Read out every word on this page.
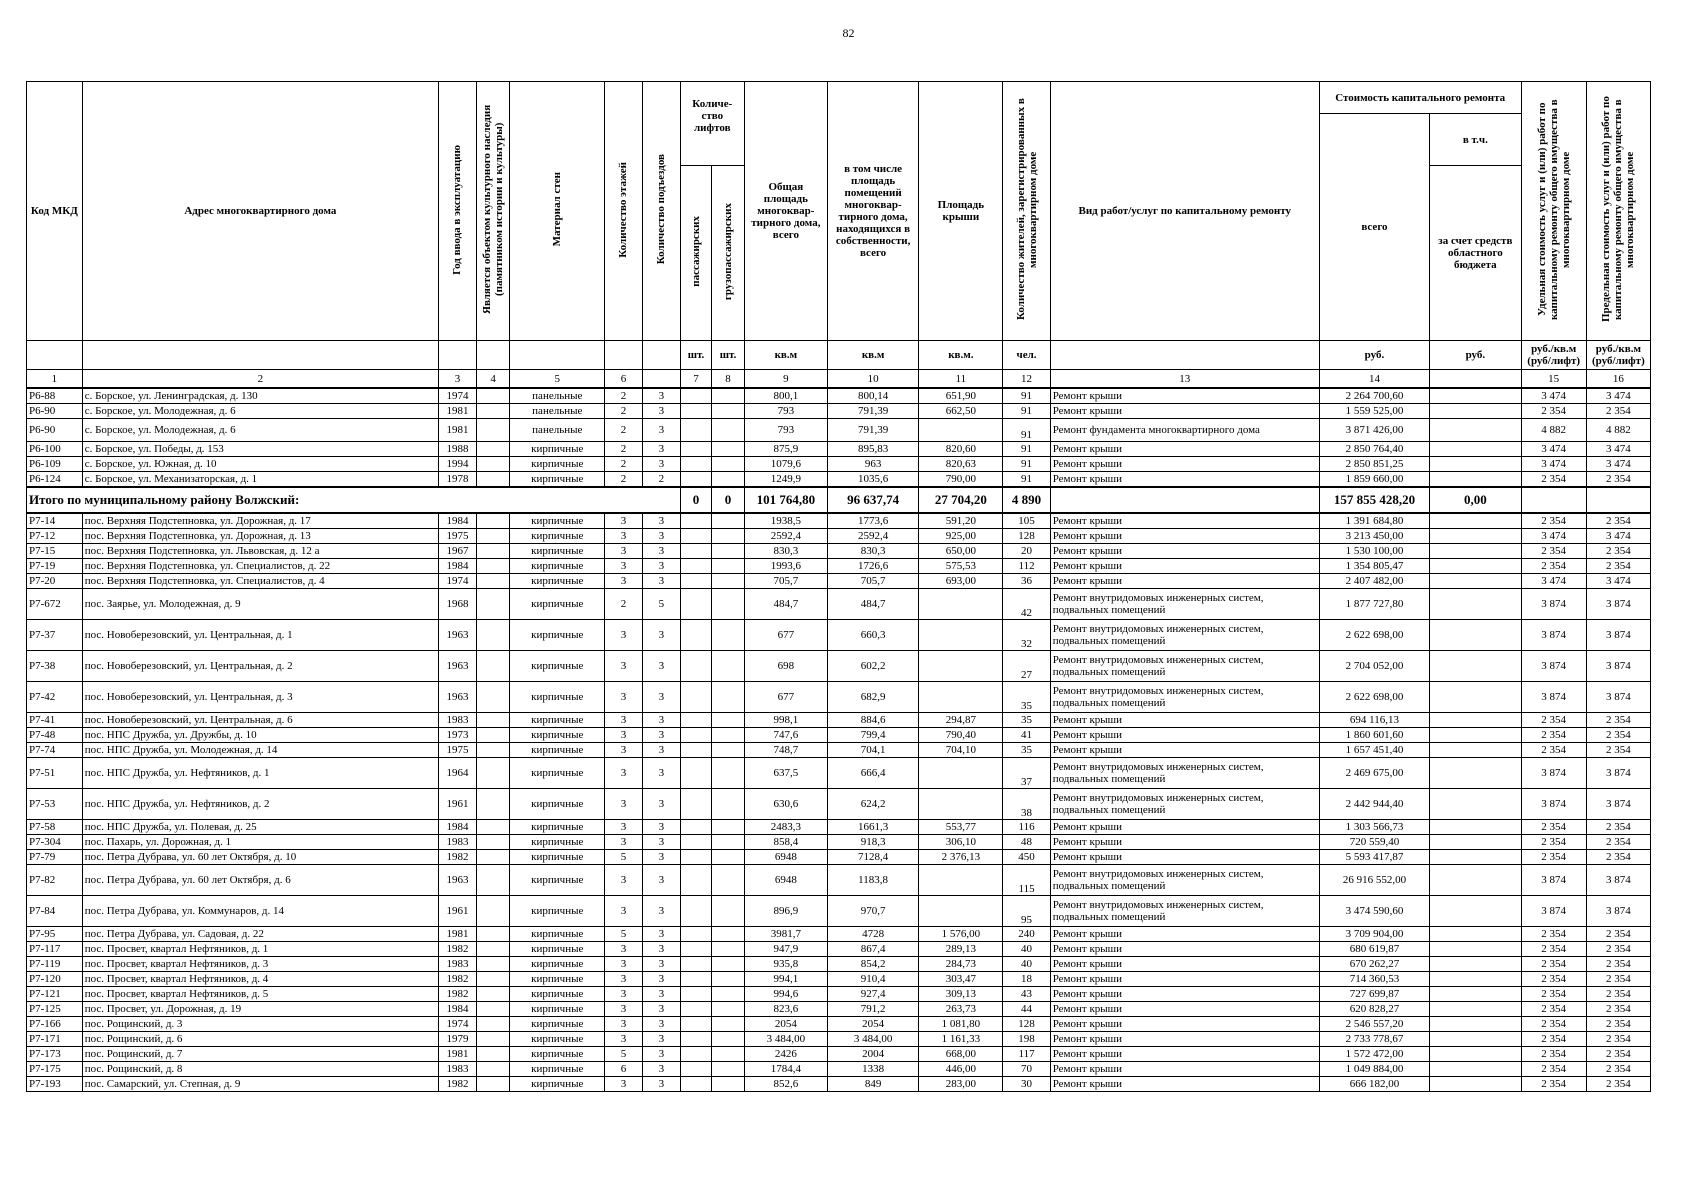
82
Код МКД	Адрес многоквартирного дома	Год ввода в эксплуатацию	Является объектом культурного наследия (памятником истории и культуры)	Материал стен	Количество этажей	Количество подъездов	Количе-ство лифтов		Общая площадь многоквар-тирного дома, всего	в том числе площадь помещений многоквар-тирного дома, находящихся в собственности, всего	Площадь крыши	Количество жителей, зарегистрированных в многоквартирном доме	Вид работ/услуг по капитальному ремонту	Стоимость капитального ремонта		Удельная стоимость услуг и (или) работ по капитальному ремонту общего имущества в многоквартирном доме	Предельная стоимость услуг и (или) работ по капитальному ремонту общего имущества в многоквартирном доме
														всего	в т.ч.		
							пассажирских	грузопассажирских							за счет средств областного бюджета		
							шт.	шт.	кв.м	кв.м	кв.м.	чел.		руб.	руб.	руб./кв.м (руб/лифт)	руб./кв.м (руб/лифт)
1	2	3	4	5	6		7	8	9	10	11	12	13	14		15	16
Р6-88	с. Борское, ул. Ленинградская, д. 130	1974		панельные	2	3			800,1	800,14	651,90	91	Ремонт крыши	2 264 700,60		3 474	3 474
Р6-90	с. Борское, ул. Молодежная, д. 6	1981		панельные	2	3			793	791,39	662,50	91	Ремонт крыши	1 559 525,00		2 354	2 354
Р6-90	с. Борское, ул. Молодежная, д. 6	1981		панельные	2	3			793	791,39		91	Ремонт фундамента многоквартирного дома	3 871 426,00		4 882	4 882
Р6-100	с. Борское, ул. Победы, д. 153	1988		кирпичные	2	3			875,9	895,83	820,60	91	Ремонт крыши	2 850 764,40		3 474	3 474
Р6-109	с. Борское, ул. Южная, д. 10	1994		кирпичные	2	3			1079,6	963	820,63	91	Ремонт крыши	2 850 851,25		3 474	3 474
Р6-124	с. Борское, ул. Механизаторская, д. 1	1978		кирпичные	2	2			1249,9	1035,6	790,00	91	Ремонт крыши	1 859 660,00		2 354	2 354
Итого по муниципальному району Волжский:							0	0	101 764,80	96 637,74	27 704,20	4 890		157 855 428,20	0,00		
Р7-14	пос. Верхняя Подстепновка, ул. Дорожная, д. 17	1984		кирпичные	3	3			1938,5	1773,6	591,20	105	Ремонт крыши	1 391 684,80		2 354	2 354
Р7-12	пос. Верхняя Подстепновка, ул. Дорожная, д. 13	1975		кирпичные	3	3			2592,4	2592,4	925,00	128	Ремонт крыши	3 213 450,00		3 474	3 474
Р7-15	пос. Верхняя Подстепновка, ул. Львовская, д. 12 а	1967		кирпичные	3	3			830,3	830,3	650,00	20	Ремонт крыши	1 530 100,00		2 354	2 354
Р7-19	пос. Верхняя Подстепновка, ул. Специалистов, д. 22	1984		кирпичные	3	3			1993,6	1726,6	575,53	112	Ремонт крыши	1 354 805,47		2 354	2 354
Р7-20	пос. Верхняя Подстепновка, ул. Специалистов, д. 4	1974		кирпичные	3	3			705,7	705,7	693,00	36	Ремонт крыши	2 407 482,00		3 474	3 474
Р7-672	пос. Заярье, ул. Молодежная, д. 9	1968		кирпичные	2	5			484,7	484,7		42	Ремонт внутридомовых инженерных систем, подвальных помещений	1 877 727,80		3 874	3 874
Р7-37	пос. Новоберезовский, ул. Центральная, д. 1	1963		кирпичные	3	3			677	660,3		32	Ремонт внутридомовых инженерных систем, подвальных помещений	2 622 698,00		3 874	3 874
Р7-38	пос. Новоберезовский, ул. Центральная, д. 2	1963		кирпичные	3	3			698	602,2		27	Ремонт внутридомовых инженерных систем, подвальных помещений	2 704 052,00		3 874	3 874
Р7-42	пос. Новоберезовский, ул. Центральная, д. 3	1963		кирпичные	3	3			677	682,9		35	Ремонт внутридомовых инженерных систем, подвальных помещений	2 622 698,00		3 874	3 874
Р7-41	пос. Новоберезовский, ул. Центральная, д. 6	1983		кирпичные	3	3			998,1	884,6	294,87	35	Ремонт крыши	694 116,13		2 354	2 354
Р7-48	пос. НПС Дружба, ул. Дружбы, д. 10	1973		кирпичные	3	3			747,6	799,4	790,40	41	Ремонт крыши	1 860 601,60		2 354	2 354
Р7-74	пос. НПС Дружба, ул. Молодежная, д. 14	1975		кирпичные	3	3			748,7	704,1	704,10	35	Ремонт крыши	1 657 451,40		2 354	2 354
Р7-51	пос. НПС Дружба, ул. Нефтяников, д. 1	1964		кирпичные	3	3			637,5	666,4		37	Ремонт внутридомовых инженерных систем, подвальных помещений	2 469 675,00		3 874	3 874
Р7-53	пос. НПС Дружба, ул. Нефтяников, д. 2	1961		кирпичные	3	3			630,6	624,2		38	Ремонт внутридомовых инженерных систем, подвальных помещений	2 442 944,40		3 874	3 874
Р7-58	пос. НПС Дружба, ул. Полевая, д. 25	1984		кирпичные	3	3			2483,3	1661,3	553,77	116	Ремонт крыши	1 303 566,73		2 354	2 354
Р7-304	пос. Пахарь, ул. Дорожная, д. 1	1983		кирпичные	3	3			858,4	918,3	306,10	48	Ремонт крыши	720 559,40		2 354	2 354
Р7-79	пос. Петра Дубрава, ул. 60 лет Октября, д. 10	1982		кирпичные	5	3			6948	7128,4	2 376,13	450	Ремонт крыши	5 593 417,87		2 354	2 354
Р7-82	пос. Петра Дубрава, ул. 60 лет Октября, д. 6	1963		кирпичные	3	3			6948	1183,8		115	Ремонт внутридомовых инженерных систем, подвальных помещений	26 916 552,00		3 874	3 874
Р7-84	пос. Петра Дубрава, ул. Коммунаров, д. 14	1961		кирпичные	3	3			896,9	970,7		95	Ремонт внутридомовых инженерных систем, подвальных помещений	3 474 590,60		3 874	3 874
Р7-95	пос. Петра Дубрава, ул. Садовая, д. 22	1981		кирпичные	5	3			3981,7	4728	1 576,00	240	Ремонт крыши	3 709 904,00		2 354	2 354
Р7-117	пос. Просвет, квартал Нефтяников, д. 1	1982		кирпичные	3	3			947,9	867,4	289,13	40	Ремонт крыши	680 619,87		2 354	2 354
Р7-119	пос. Просвет, квартал Нефтяников, д. 3	1983		кирпичные	3	3			935,8	854,2	284,73	40	Ремонт крыши	670 262,27		2 354	2 354
Р7-120	пос. Просвет, квартал Нефтяников, д. 4	1982		кирпичные	3	3			994,1	910,4	303,47	18	Ремонт крыши	714 360,53		2 354	2 354
Р7-121	пос. Просвет, квартал Нефтяников, д. 5	1982		кирпичные	3	3			994,6	927,4	309,13	43	Ремонт крыши	727 699,87		2 354	2 354
Р7-125	пос. Просвет, ул. Дорожная, д. 19	1984		кирпичные	3	3			823,6	791,2	263,73	44	Ремонт крыши	620 828,27		2 354	2 354
Р7-166	пос. Рощинский, д. 3	1974		кирпичные	3	3			2054	2054	1 081,80	128	Ремонт крыши	2 546 557,20		2 354	2 354
Р7-171	пос. Рощинский, д. 6	1979		кирпичные	3	3			3 484,00	3 484,00	1 161,33	198	Ремонт крыши	2 733 778,67		2 354	2 354
Р7-173	пос. Рощинский, д. 7	1981		кирпичные	5	3			2426	2004	668,00	117	Ремонт крыши	1 572 472,00		2 354	2 354
Р7-175	пос. Рощинский, д. 8	1983		кирпичные	6	3			1784,4	1338	446,00	70	Ремонт крыши	1 049 884,00		2 354	2 354
Р7-193	пос. Самарский, ул. Степная, д. 9	1982		кирпичные	3	3			852,6	849	283,00	30	Ремонт крыши	666 182,00		2 354	2 354
